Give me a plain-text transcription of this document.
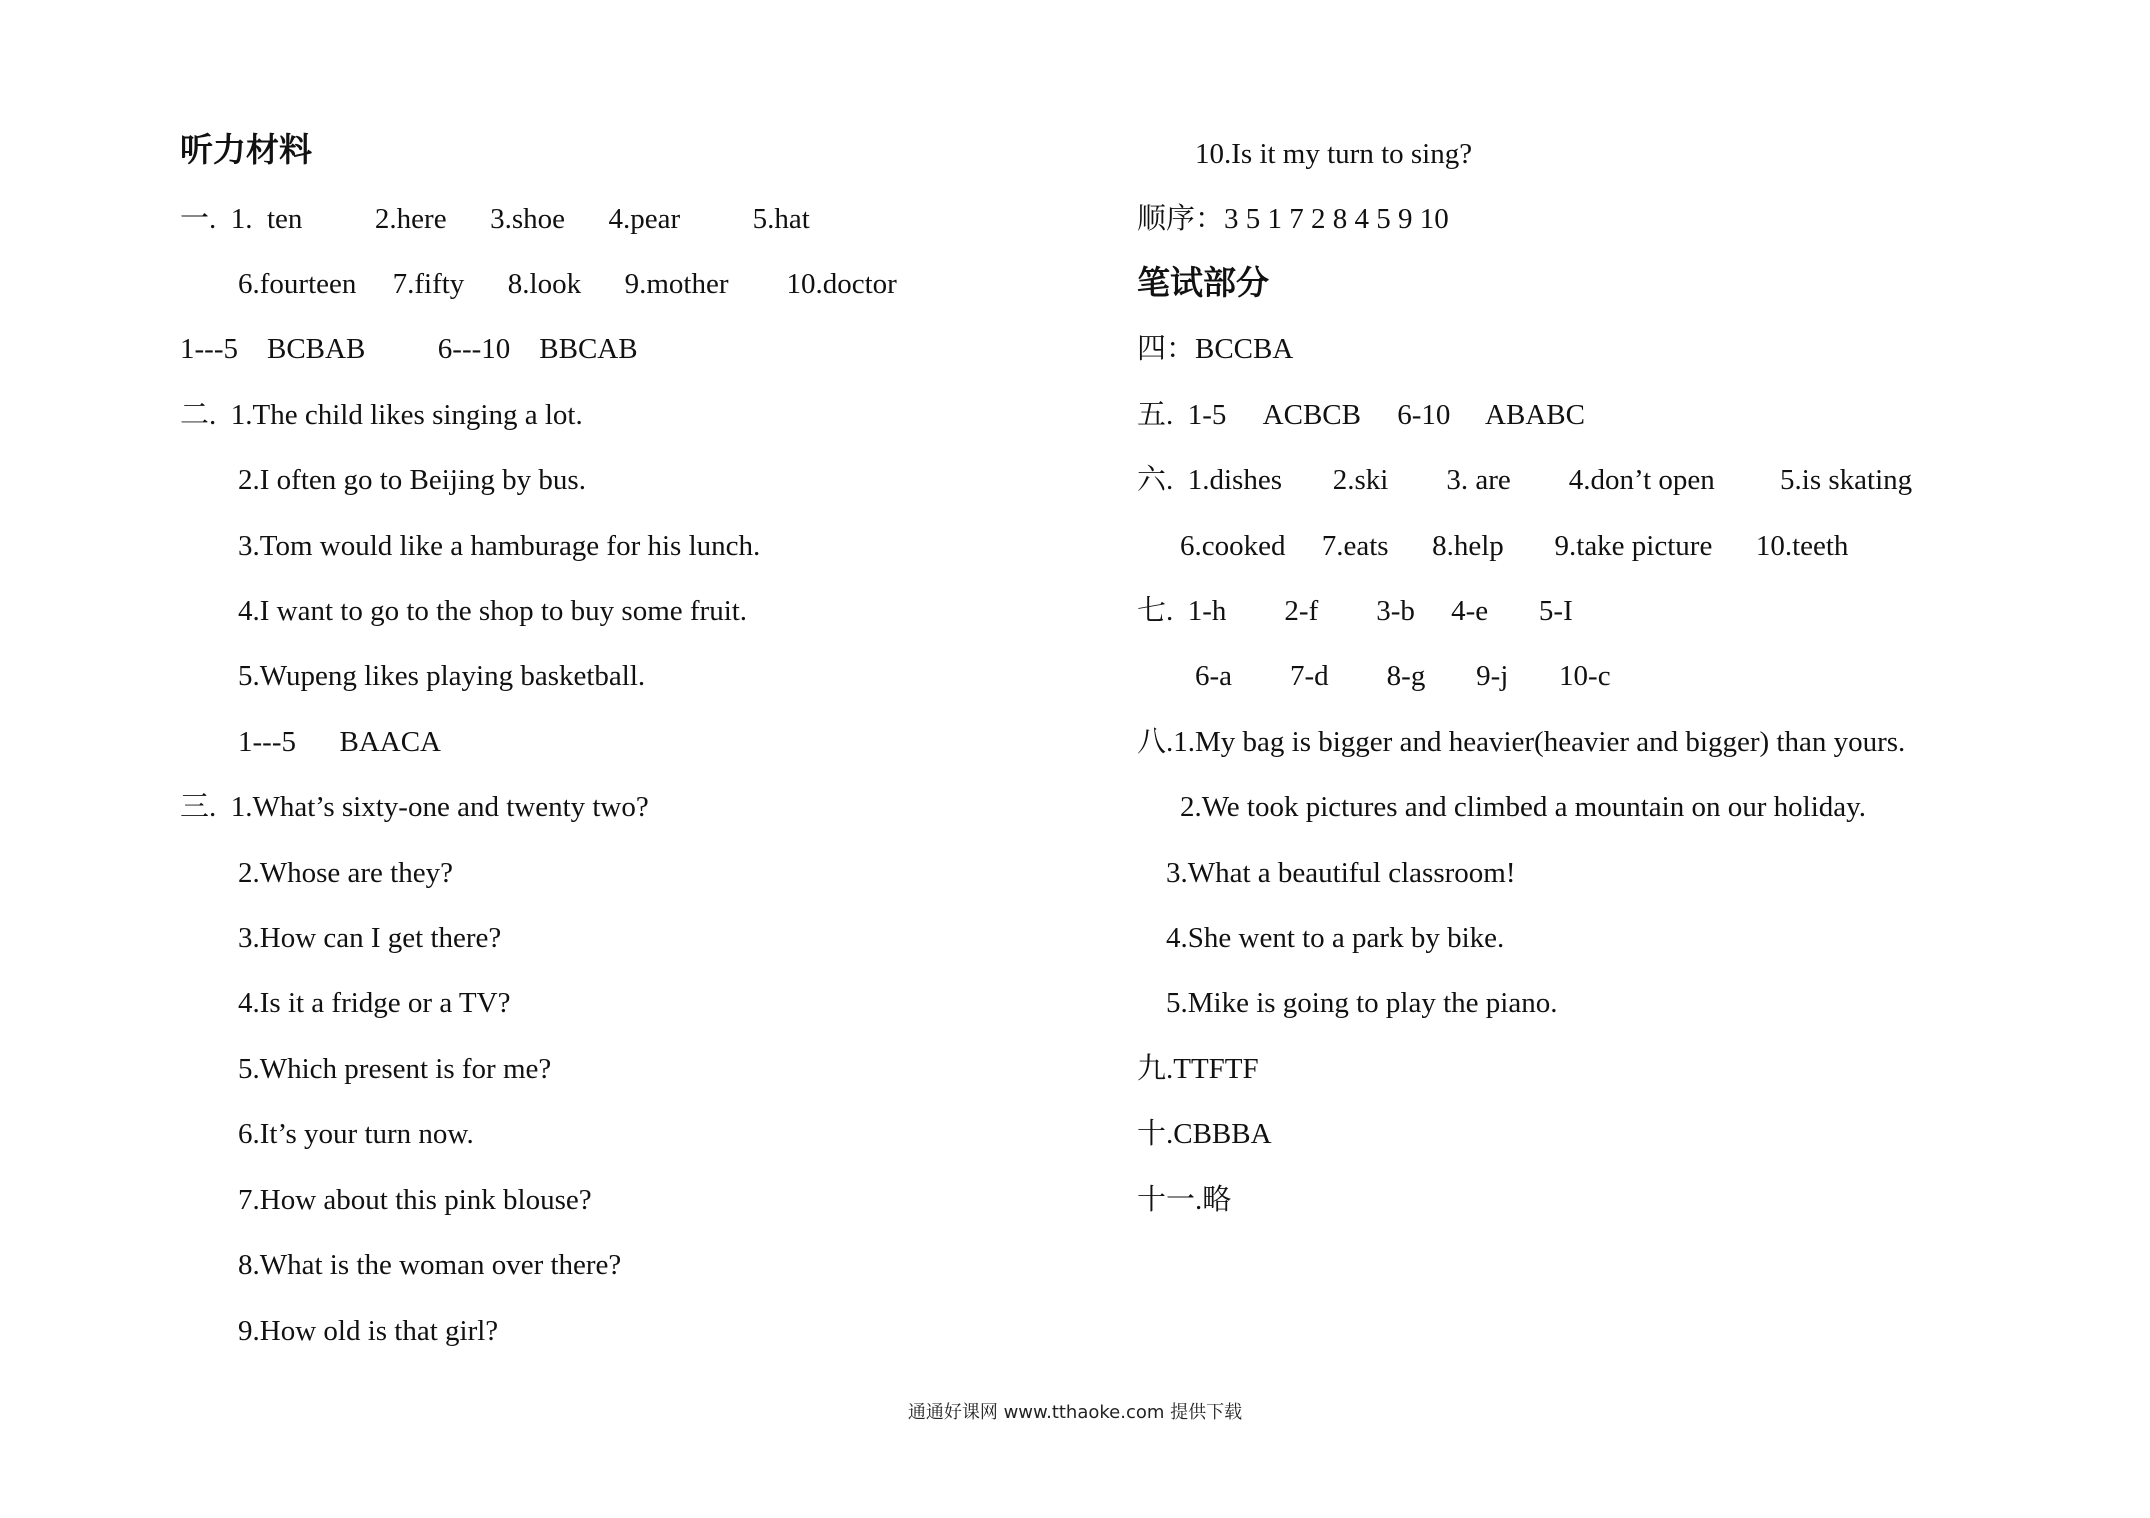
听力材料
一.  1.  ten          2.here      3.shoe      4.pear          5.hat
6.fourteen     7.fifty      8.look      9.mother        10.doctor
1---5    BCBAB          6---10    BBCAB
二.  1.The child likes singing a lot.
2.I often go to Beijing by bus.
3.Tom would like a hamburage for his lunch.
4.I want to go to the shop to buy some fruit.
5.Wupeng likes playing basketball.
1---5      BAACA
三.  1.What’s sixty-one and twenty two?
2.Whose are they?
3.How can I get there?
4.Is it a fridge or a TV?
5.Which present is for me?
6.It’s your turn now.
7.How about this pink blouse?
8.What is the woman over there?
9.How old is that girl?
10.Is it my turn to sing?
顺序：3 5 1 7 2 8 4 5 9 10
笔试部分
四：BCCBA
五.  1-5     ACBCB     6-10     ABABC
六.  1.dishes       2.ski        3. are        4.don’t open         5.is skating
6.cooked     7.eats      8.help       9.take picture      10.teeth
七.  1-h        2-f        3-b     4-e       5-I
6-a        7-d        8-g       9-j       10-c
八.1.My bag is bigger and heavier(heavier and bigger) than yours.
2.We took pictures and climbed a mountain on our holiday.
3.What a beautiful classroom!
4.She went to a park by bike.
5.Mike is going to play the piano.
九.TTFTF
十.CBBBA
十一.略
通通好课网 www.tthaoke.com 提供下载
